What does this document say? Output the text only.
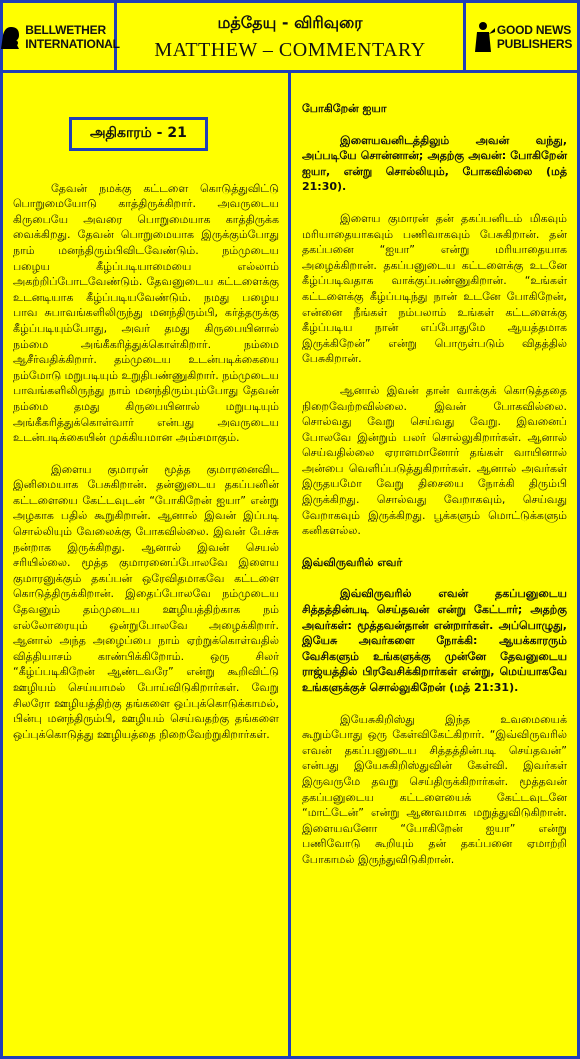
BELLWETHER
INTERNATIONAL
மத்தேயு - விரிவுரை
MATTHEW – COMMENTARY
GOOD NEWS
PUBLISHERS
அதிகாரம் - 21

தேவன் நமக்கு கட்டளை கொடுத்துவிட்டு பொறுமையோடு காத்திருக்கிறார். அவருடைய கிருபையே அவரை பொறுமையாக காத்திருக்க வைக்கிறது. தேவன் பொறுமையாக இருக்கும்போது நாம் மனந்திரும்பிவிடவேண்டும். நம்முடைய பழைய கீழ்ப்படியாமையை எல்லாம் அகற்றிப்போடவேண்டும். தேவனுடைய கட்டளைக்கு உடனடியாக கீழ்ப்படியவேண்டும். நமது பழைய பாவ சுபாவங்களிலிருந்து மனந்திரும்பி, கர்த்தருக்கு கீழ்ப்படியும்போது, அவர் தமது கிருபையினால் நம்மை அங்கீகரித்துக்கொள்கிறார். நம்மை ஆசீர்வதிக்கிறார். தம்முடைய உடன்படிக்கையை நம்மோடு மறுபடியும் உறுதிபண்ணுகிறார். நம்முடைய பாவங்களிலிருந்து நாம் மனந்திரும்பும்போது தேவன் நம்மை தமது கிருபையினால் மறுபடியும் அங்கீகரித்துக்கொள்வார் என்பது அவருடைய உடன்படிக்கையின் முக்கியமான அம்சமாகும்.

இளைய குமாரன் மூத்த குமாரனைவிட இனிமையாக பேசுகிறான். தன்னுடைய தகப்பனின் கட்டளையை கேட்டவுடன் “போகிறேன் ஐயா” என்று அழகாக பதில் கூறுகிறான். ஆனால் இவன் இப்படி சொல்லியும் வேலைக்கு போகவில்லை. இவன் பேச்சு நன்றாக இருக்கிறது. ஆனால் இவன் செயல் சரியில்லை. மூத்த குமாரனைப்போலவே இளைய குமாரனுக்கும் தகப்பன் ஒரேவிதமாகவே கட்டளை கொடுத்திருக்கிறான். இதைப்போலவே நம்முடைய தேவனும் தம்முடைய ஊழியத்திற்காக நம் எல்லோரையும் ஒன்றுபோலவே அழைக்கிறார். ஆனால் அந்த அழைப்பை நாம் ஏற்றுக்கொள்வதில் வித்தியாசம் காண்பிக்கிறோம். ஒரு சிலர் “கீழ்ப்படிகிறேன் ஆண்டவரே” என்று கூறிவிட்டு ஊழியம் செய்யாமல் போய்விடுகிறார்கள். வேறு சிலரோ ஊழியத்திற்கு தங்களை ஒப்புக்கொடுக்காமல், பின்பு மனந்திரும்பி, ஊழியம் செய்வதற்கு தங்களை ஒப்புக்கொடுத்து ஊழியத்தை நிறைவேற்றுகிறார்கள்.

போகிறேன் ஐயா

இளையவனிடத்திலும் அவன் வந்து, அப்படியே சொன்னான்; அதற்கு அவன்: போகிறேன் ஐயா, என்று சொல்லியும், போகவில்லை (மத் 21:30).

இளைய குமாரன் தன் தகப்பனிடம் மிகவும் மரியாதையாகவும் பணிவாகவும் பேசுகிறான். தன் தகப்பனை “ஐயா” என்று மரியாதையாக அழைக்கிறான். தகப்பனுடைய கட்டளைக்கு உடனே கீழ்ப்படிவதாக வாக்குப்பண்ணுகிறான். “உங்கள் கட்டளைக்கு கீழ்ப்படிந்து நான் உடனே போகிறேன், என்னை நீங்கள் நம்பலாம் உங்கள் கட்டளைக்கு கீழ்ப்படிய நான் எப்போதுமே ஆயத்தமாக இருக்கிறேன்” என்று பொருள்படும் விதத்தில் பேசுகிறான்.

ஆனால் இவன் தான் வாக்குக் கொடுத்ததை நிறைவேற்றவில்லை. இவன் போகவில்லை. சொல்வது வேறு செய்வது வேறு. இவனைப் போலவே இன்றும் பலர் சொல்லுகிறார்கள். ஆனால் செய்வதில்லை ஏராளமானோர் தங்கள் வாயினால் அன்பை வெளிப்படுத்துகிறார்கள். ஆனால் அவர்கள் இருதயமோ வேறு திசையை நோக்கி திரும்பி இருக்கிறது. சொல்வது வேறாகவும், செய்வது வேறாகவும் இருக்கிறது. பூக்களும் மொட்டுக்களும் கனிகளல்ல.

இவ்விருவரில் எவர்

இவ்விருவரில் எவன் தகப்பனுடைய சித்தத்தின்படி செய்தவன் என்று கேட்டார்; அதற்கு அவர்கள்: மூத்தவன்தான் என்றார்கள். அப்பொழுது, இயேசு அவர்களை நோக்கி: ஆயக்காரரும் வேசிகளும் உங்களுக்கு முன்னே தேவனுடைய ராஜ்யத்தில் பிரவேசிக்கிறார்கள் என்று, மெய்யாகவே உங்களுக்குச் சொல்லுகிறேன் (மத் 21:31).

இயேசுகிறிஸ்து இந்த உவமையைக் கூறும்போது ஒரு கேள்விகேட்கிறார். “இவ்விருவரில் எவன் தகப்பனுடைய சித்தத்தின்படி செய்தவன்” என்பது இயேசுகிறிஸ்துவின் கேள்வி. இவர்கள் இருவருமே தவறு செய்திருக்கிறார்கள். மூத்தவன் தகப்பனுடைய கட்டளையைக் கேட்டவுடனே “மாட்டேன்” என்று ஆணவமாக மறுத்துவிடுகிறான். இளையவனோ “போகிறேன் ஐயா” என்று பணிவோடு கூறியும் தன் தகப்பனை ஏமாற்றி போகாமல் இருந்துவிடுகிறான்.
